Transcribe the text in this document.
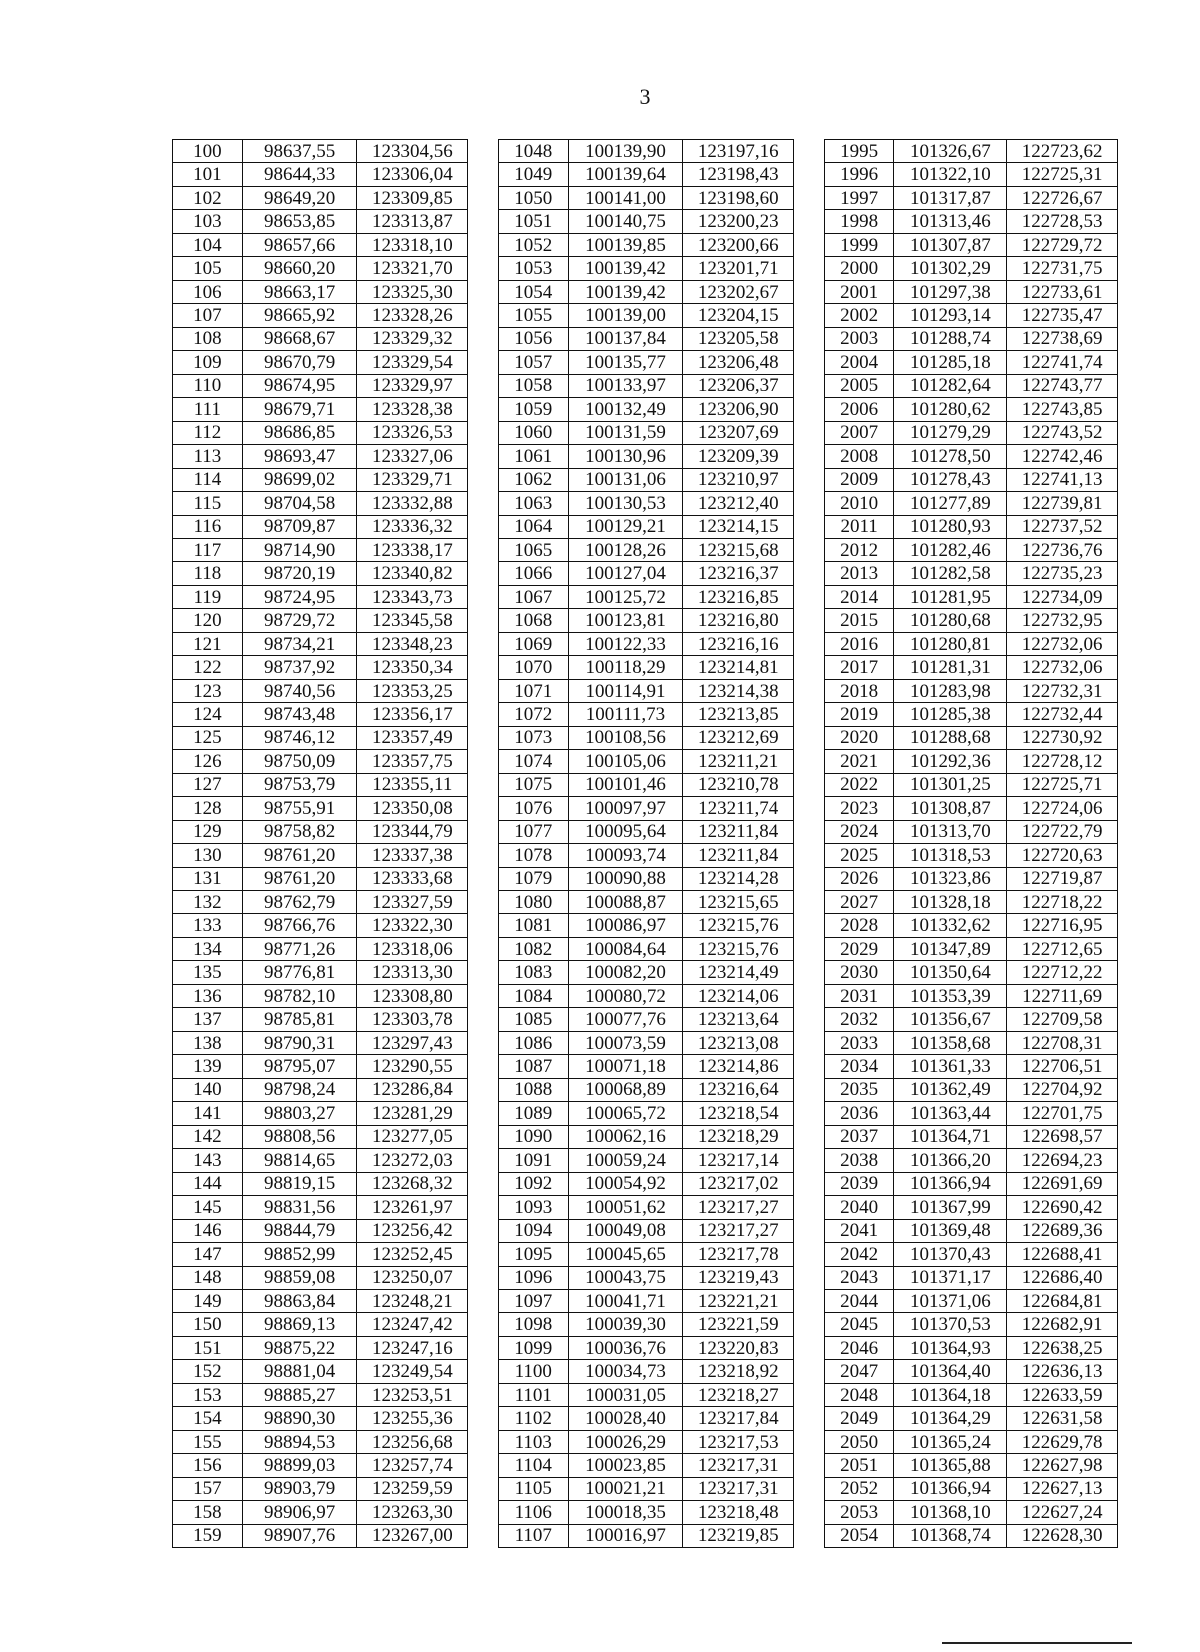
3
100	98637,55	123304,56		1048	100139,90	123197,16		1995	101326,67	122723,62
101	98644,33	123306,04		1049	100139,64	123198,43		1996	101322,10	122725,31
102	98649,20	123309,85		1050	100141,00	123198,60		1997	101317,87	122726,67
103	98653,85	123313,87		1051	100140,75	123200,23		1998	101313,46	122728,53
104	98657,66	123318,10		1052	100139,85	123200,66		1999	101307,87	122729,72
105	98660,20	123321,70		1053	100139,42	123201,71		2000	101302,29	122731,75
106	98663,17	123325,30		1054	100139,42	123202,67		2001	101297,38	122733,61
107	98665,92	123328,26		1055	100139,00	123204,15		2002	101293,14	122735,47
108	98668,67	123329,32		1056	100137,84	123205,58		2003	101288,74	122738,69
109	98670,79	123329,54		1057	100135,77	123206,48		2004	101285,18	122741,74
110	98674,95	123329,97		1058	100133,97	123206,37		2005	101282,64	122743,77
111	98679,71	123328,38		1059	100132,49	123206,90		2006	101280,62	122743,85
112	98686,85	123326,53		1060	100131,59	123207,69		2007	101279,29	122743,52
113	98693,47	123327,06		1061	100130,96	123209,39		2008	101278,50	122742,46
114	98699,02	123329,71		1062	100131,06	123210,97		2009	101278,43	122741,13
115	98704,58	123332,88		1063	100130,53	123212,40		2010	101277,89	122739,81
116	98709,87	123336,32		1064	100129,21	123214,15		2011	101280,93	122737,52
117	98714,90	123338,17		1065	100128,26	123215,68		2012	101282,46	122736,76
118	98720,19	123340,82		1066	100127,04	123216,37		2013	101282,58	122735,23
119	98724,95	123343,73		1067	100125,72	123216,85		2014	101281,95	122734,09
120	98729,72	123345,58		1068	100123,81	123216,80		2015	101280,68	122732,95
121	98734,21	123348,23		1069	100122,33	123216,16		2016	101280,81	122732,06
122	98737,92	123350,34		1070	100118,29	123214,81		2017	101281,31	122732,06
123	98740,56	123353,25		1071	100114,91	123214,38		2018	101283,98	122732,31
124	98743,48	123356,17		1072	100111,73	123213,85		2019	101285,38	122732,44
125	98746,12	123357,49		1073	100108,56	123212,69		2020	101288,68	122730,92
126	98750,09	123357,75		1074	100105,06	123211,21		2021	101292,36	122728,12
127	98753,79	123355,11		1075	100101,46	123210,78		2022	101301,25	122725,71
128	98755,91	123350,08		1076	100097,97	123211,74		2023	101308,87	122724,06
129	98758,82	123344,79		1077	100095,64	123211,84		2024	101313,70	122722,79
130	98761,20	123337,38		1078	100093,74	123211,84		2025	101318,53	122720,63
131	98761,20	123333,68		1079	100090,88	123214,28		2026	101323,86	122719,87
132	98762,79	123327,59		1080	100088,87	123215,65		2027	101328,18	122718,22
133	98766,76	123322,30		1081	100086,97	123215,76		2028	101332,62	122716,95
134	98771,26	123318,06		1082	100084,64	123215,76		2029	101347,89	122712,65
135	98776,81	123313,30		1083	100082,20	123214,49		2030	101350,64	122712,22
136	98782,10	123308,80		1084	100080,72	123214,06		2031	101353,39	122711,69
137	98785,81	123303,78		1085	100077,76	123213,64		2032	101356,67	122709,58
138	98790,31	123297,43		1086	100073,59	123213,08		2033	101358,68	122708,31
139	98795,07	123290,55		1087	100071,18	123214,86		2034	101361,33	122706,51
140	98798,24	123286,84		1088	100068,89	123216,64		2035	101362,49	122704,92
141	98803,27	123281,29		1089	100065,72	123218,54		2036	101363,44	122701,75
142	98808,56	123277,05		1090	100062,16	123218,29		2037	101364,71	122698,57
143	98814,65	123272,03		1091	100059,24	123217,14		2038	101366,20	122694,23
144	98819,15	123268,32		1092	100054,92	123217,02		2039	101366,94	122691,69
145	98831,56	123261,97		1093	100051,62	123217,27		2040	101367,99	122690,42
146	98844,79	123256,42		1094	100049,08	123217,27		2041	101369,48	122689,36
147	98852,99	123252,45		1095	100045,65	123217,78		2042	101370,43	122688,41
148	98859,08	123250,07		1096	100043,75	123219,43		2043	101371,17	122686,40
149	98863,84	123248,21		1097	100041,71	123221,21		2044	101371,06	122684,81
150	98869,13	123247,42		1098	100039,30	123221,59		2045	101370,53	122682,91
151	98875,22	123247,16		1099	100036,76	123220,83		2046	101364,93	122638,25
152	98881,04	123249,54		1100	100034,73	123218,92		2047	101364,40	122636,13
153	98885,27	123253,51		1101	100031,05	123218,27		2048	101364,18	122633,59
154	98890,30	123255,36		1102	100028,40	123217,84		2049	101364,29	122631,58
155	98894,53	123256,68		1103	100026,29	123217,53		2050	101365,24	122629,78
156	98899,03	123257,74		1104	100023,85	123217,31		2051	101365,88	122627,98
157	98903,79	123259,59		1105	100021,21	123217,31		2052	101366,94	122627,13
158	98906,97	123263,30		1106	100018,35	123218,48		2053	101368,10	122627,24
159	98907,76	123267,00		1107	100016,97	123219,85		2054	101368,74	122628,30
